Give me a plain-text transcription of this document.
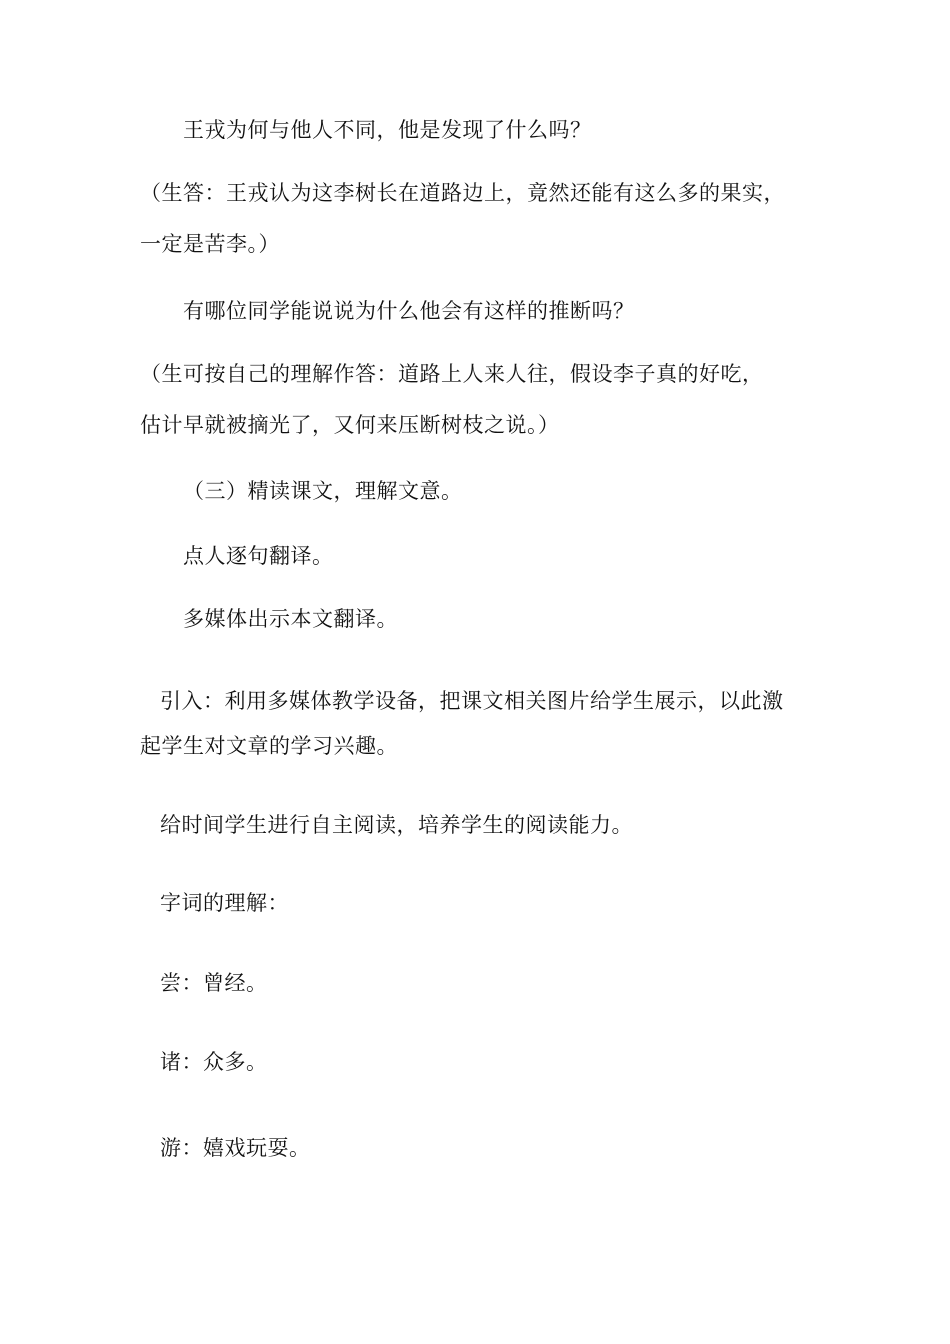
王戎为何与他人不同，他是发现了什么吗？
（生答：王戎认为这李树长在道路边上，竟然还能有这么多的果实，
一定是苦李。）
有哪位同学能说说为什么他会有这样的推断吗？
（生可按自己的理解作答：道路上人来人往，假设李子真的好吃，
估计早就被摘光了，又何来压断树枝之说。）
（三）精读课文，理解文意。
点人逐句翻译。
多媒体出示本文翻译。
引入：利用多媒体教学设备，把课文相关图片给学生展示，以此激
起学生对文章的学习兴趣。
给时间学生进行自主阅读，培养学生的阅读能力。
字词的理解：
尝：曾经。
诸：众多。
游：嬉戏玩耍。
